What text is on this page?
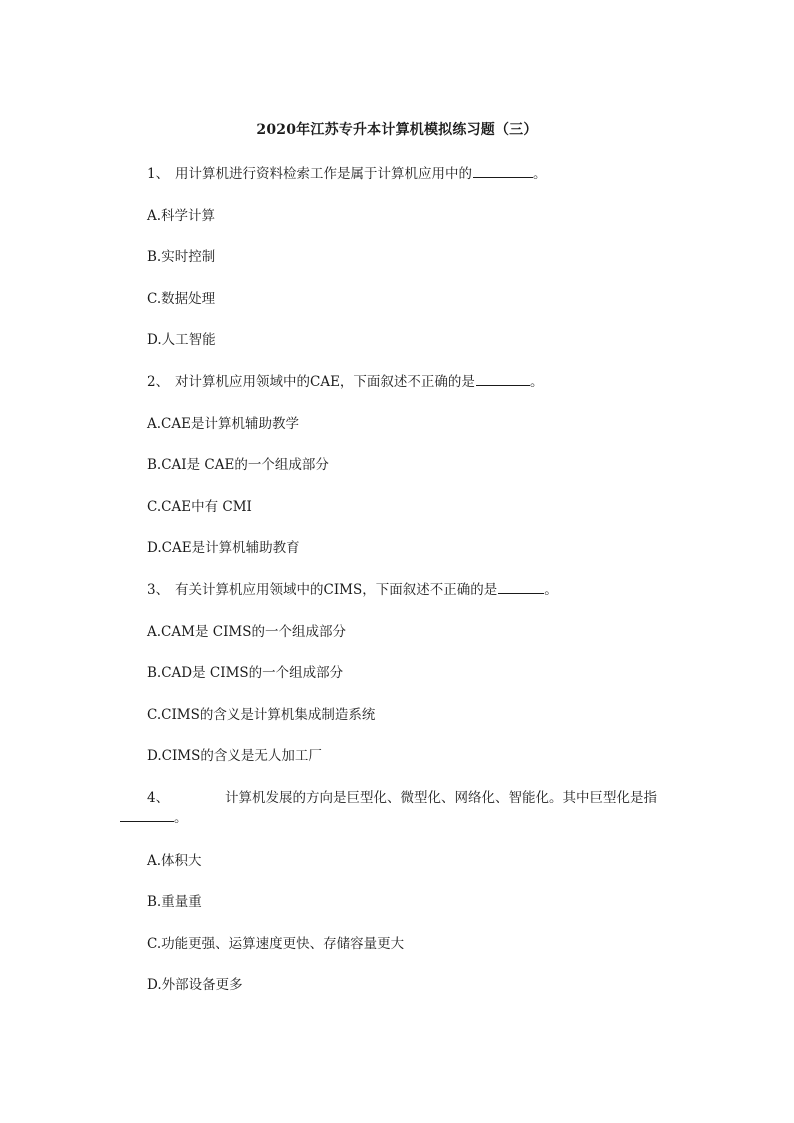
2020年江苏专升本计算机模拟练习题（三）
1、 用计算机进行资料检索工作是属于计算机应用中的	。
A.科学计算
B.实时控制
C.数据处理
D.人工智能
2、 对计算机应用领域中的CAE，下面叙述不正确的是	。
A.CAE是计算机辅助教学
B.CAI是 CAE的一个组成部分
C.CAE中有 CMI
D.CAE是计算机辅助教育
3、 有关计算机应用领域中的CIMS，下面叙述不正确的是	。
A.CAM是 CIMS的一个组成部分
B.CAD是 CIMS的一个组成部分
C.CIMS的含义是计算机集成制造系统
D.CIMS的含义是无人加工厂
4、	计算机发展的方向是巨型化、微型化、网络化、智能化。其中巨型化是指
。
A.体积大
B.重量重
C.功能更强、运算速度更快、存储容量更大
D.外部设备更多
